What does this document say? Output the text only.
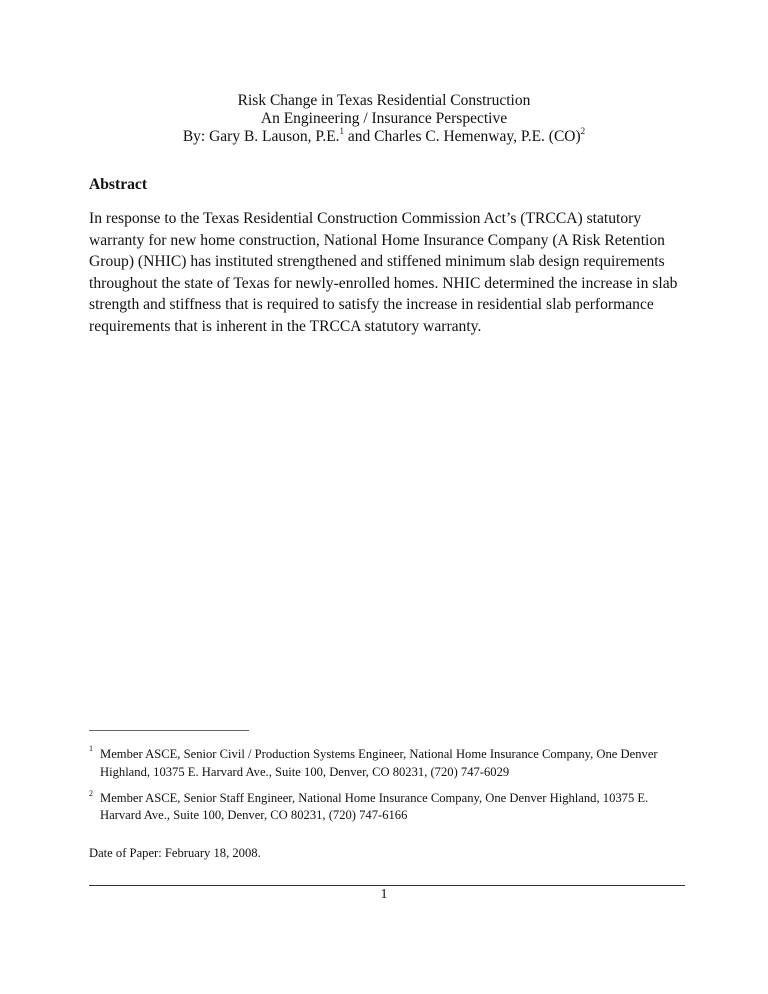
Risk Change in Texas Residential Construction
An Engineering / Insurance Perspective
By: Gary B. Lauson, P.E.$^1$ and Charles C. Hemenway, P.E. (CO)$^2$
Abstract
In response to the Texas Residential Construction Commission Act’s (TRCCA) statutory
warranty for new home construction, National Home Insurance Company (A Risk Retention
Group) (NHIC) has instituted strengthened and stiffened minimum slab design requirements
throughout the state of Texas for newly-enrolled homes. NHIC determined the increase in slab
strength and stiffness that is required to satisfy the increase in residential slab performance
requirements that is inherent in the TRCCA statutory warranty.
1 Member ASCE, Senior Civil / Production Systems Engineer, National Home Insurance Company, One Denver
Highland, 10375 E. Harvard Ave., Suite 100, Denver, CO 80231, (720) 747-6029
2 Member ASCE, Senior Staff Engineer, National Home Insurance Company, One Denver Highland, 10375 E.
Harvard Ave., Suite 100, Denver, CO 80231, (720) 747-6166
Date of Paper: February 18, 2008.
1
